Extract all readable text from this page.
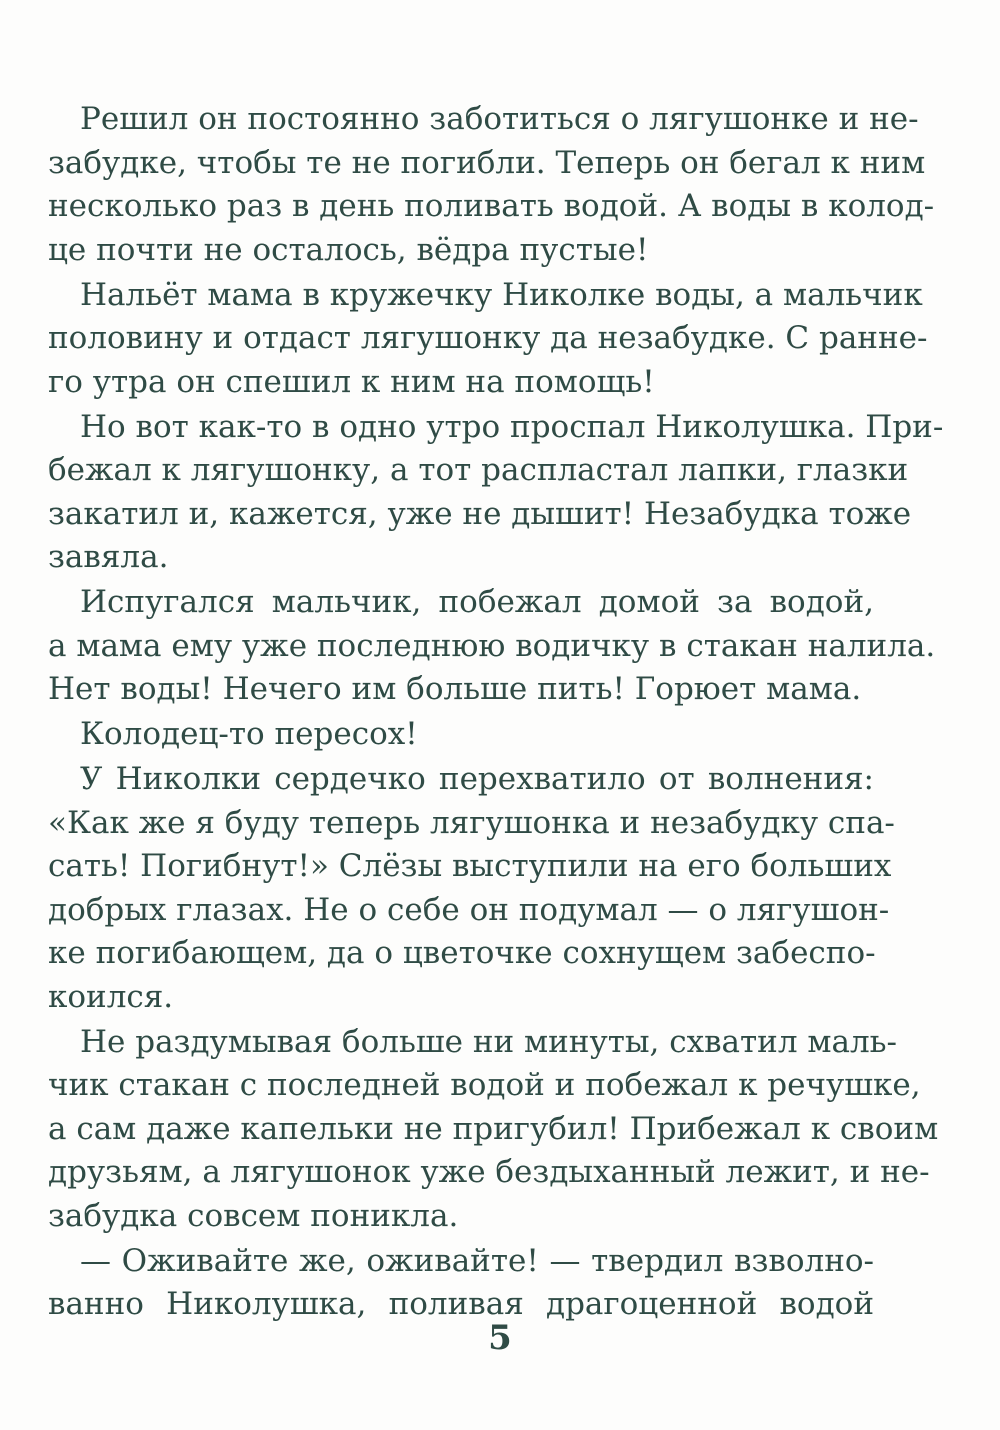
Решил он постоянно заботиться о лягушонке и не-
забудке, чтобы те не погибли. Теперь он бегал к ним
несколько раз в день поливать водой. А воды в колод-
це почти не осталось, вёдра пустые!
Нальёт мама в кружечку Николке воды, а мальчик
половину и отдаст лягушонку да незабудке. С ранне-
го утра он спешил к ним на помощь!
Но вот как-то в одно утро проспал Николушка. При-
бежал к лягушонку, а тот распластал лапки, глазки
закатил и, кажется, уже не дышит! Незабудка тоже
завяла.
Испугался мальчик, побежал домой за водой,
а мама ему уже последнюю водичку в стакан налила.
Нет воды! Нечего им больше пить! Горюет мама.
Колодец-то пересох!
У Николки сердечко перехватило от волнения:
«Как же я буду теперь лягушонка и незабудку спа-
сать! Погибнут!» Слёзы выступили на его больших
добрых глазах. Не о себе он подумал — о лягушон-
ке погибающем, да о цветочке сохнущем забеспо-
коился.
Не раздумывая больше ни минуты, схватил маль-
чик стакан с последней водой и побежал к речушке,
а сам даже капельки не пригубил! Прибежал к своим
друзьям, а лягушонок уже бездыханный лежит, и не-
забудка совсем поникла.
— Оживайте же, оживайте! — твердил взволно-
ванно Николушка, поливая драгоценной водой
5
